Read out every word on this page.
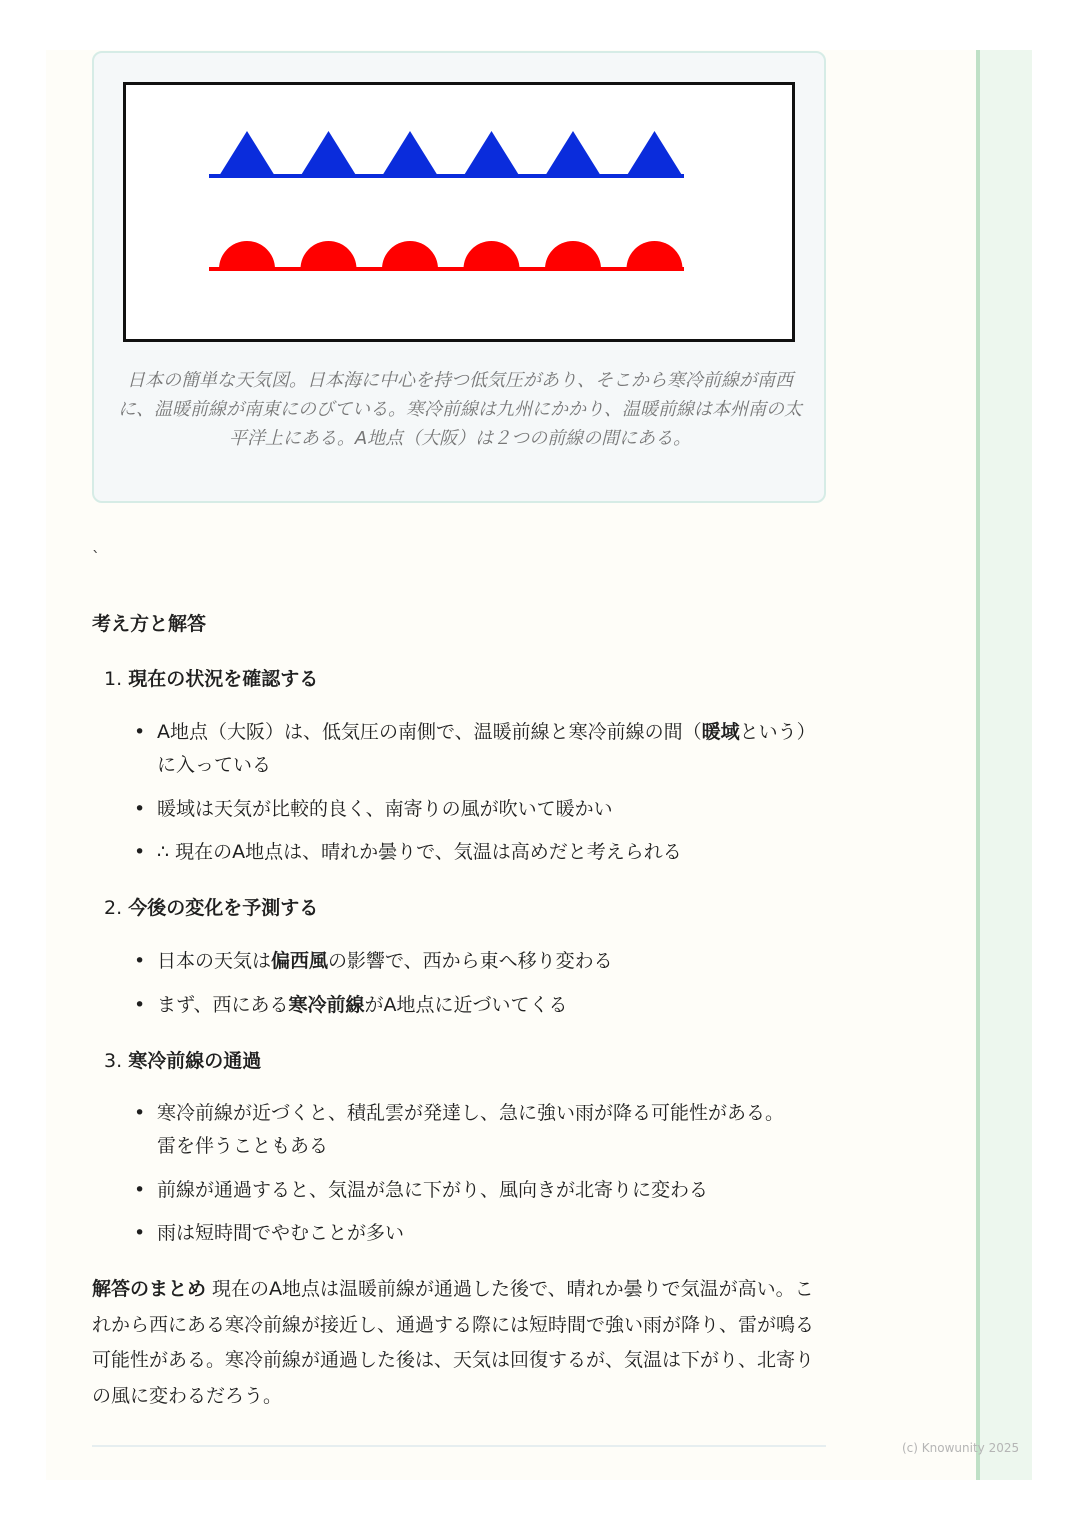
日本の簡単な天気図。日本海に中心を持つ低気圧があり、そこから寒冷前線が南西に、温暖前線が南東にのびている。寒冷前線は九州にかかり、温暖前線は本州南の太平洋上にある。A地点（大阪）は２つの前線の間にある。
`
考え方と解答
1. 現在の状況を確認する
• A地点（大阪）は、低気圧の南側で、温暖前線と寒冷前線の間（暖域という）に入っている
• 暖域は天気が比較的良く、南寄りの風が吹いて暖かい
• ∴ 現在のA地点は、晴れか曇りで、気温は高めだと考えられる
2. 今後の変化を予測する
• 日本の天気は偏西風の影響で、西から東へ移り変わる
• まず、西にある寒冷前線がA地点に近づいてくる
3. 寒冷前線の通過
• 寒冷前線が近づくと、積乱雲が発達し、急に強い雨が降る可能性がある。雷を伴うこともある
• 前線が通過すると、気温が急に下がり、風向きが北寄りに変わる
• 雨は短時間でやむことが多い
解答のまとめ 現在のA地点は温暖前線が通過した後で、晴れか曇りで気温が高い。これから西にある寒冷前線が接近し、通過する際には短時間で強い雨が降り、雷が鳴る可能性がある。寒冷前線が通過した後は、天気は回復するが、気温は下がり、北寄りの風に変わるだろう。
(c) Knowunity 2025
